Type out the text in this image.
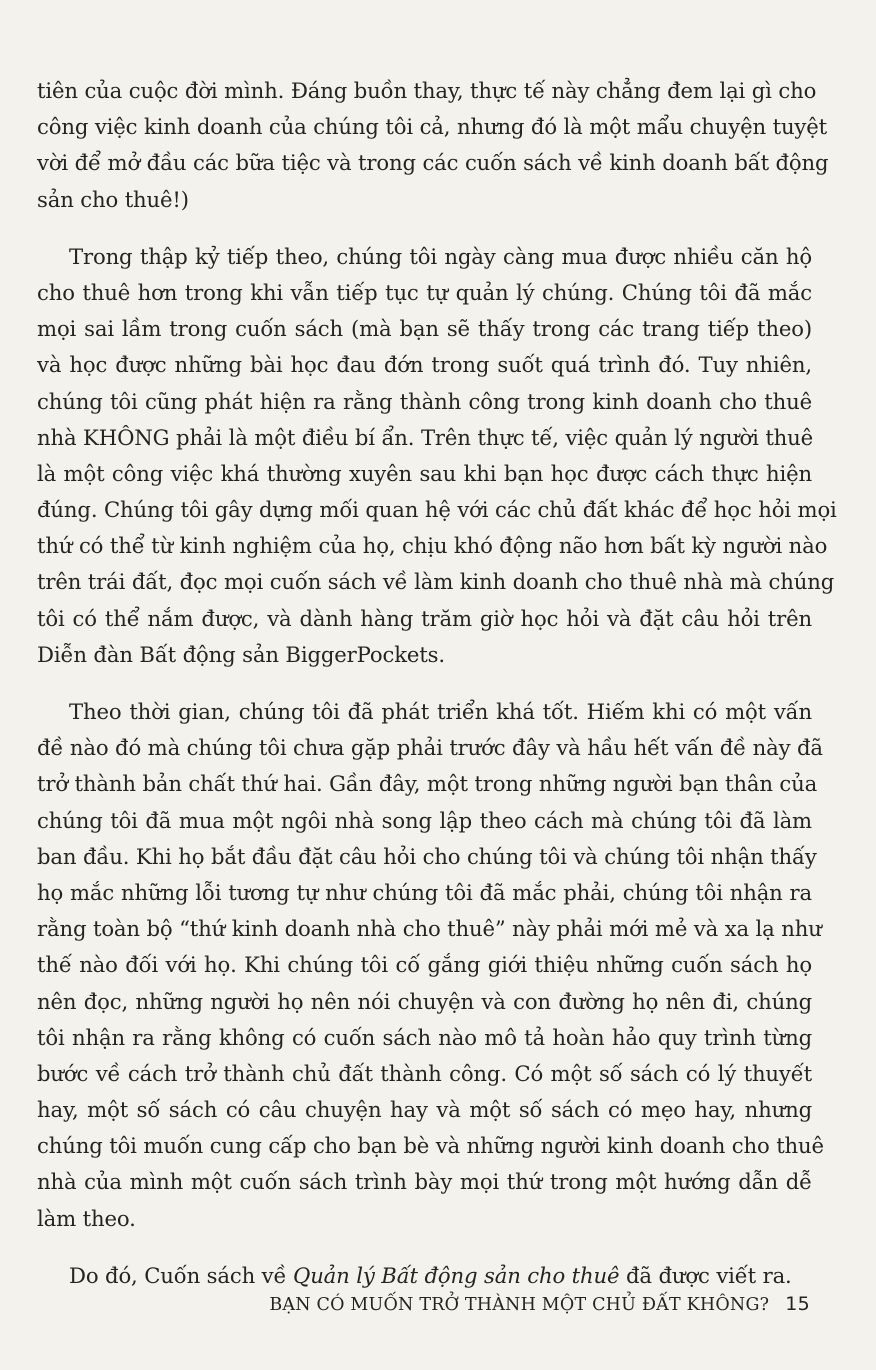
tiên của cuộc đời mình. Đáng buồn thay, thực tế này chẳng đem lại gì cho
công việc kinh doanh của chúng tôi cả, nhưng đó là một mẩu chuyện tuyệt
vời để mở đầu các bữa tiệc và trong các cuốn sách về kinh doanh bất động
sản cho thuê!)
Trong thập kỷ tiếp theo, chúng tôi ngày càng mua được nhiều căn hộ
cho thuê hơn trong khi vẫn tiếp tục tự quản lý chúng. Chúng tôi đã mắc
mọi sai lầm trong cuốn sách (mà bạn sẽ thấy trong các trang tiếp theo)
và học được những bài học đau đớn trong suốt quá trình đó. Tuy nhiên,
chúng tôi cũng phát hiện ra rằng thành công trong kinh doanh cho thuê
nhà KHÔNG phải là một điều bí ẩn. Trên thực tế, việc quản lý người thuê
là một công việc khá thường xuyên sau khi bạn học được cách thực hiện
đúng. Chúng tôi gây dựng mối quan hệ với các chủ đất khác để học hỏi mọi
thứ có thể từ kinh nghiệm của họ, chịu khó động não hơn bất kỳ người nào
trên trái đất, đọc mọi cuốn sách về làm kinh doanh cho thuê nhà mà chúng
tôi có thể nắm được, và dành hàng trăm giờ học hỏi và đặt câu hỏi trên
Diễn đàn Bất động sản BiggerPockets.
Theo thời gian, chúng tôi đã phát triển khá tốt. Hiếm khi có một vấn
đề nào đó mà chúng tôi chưa gặp phải trước đây và hầu hết vấn đề này đã
trở thành bản chất thứ hai. Gần đây, một trong những người bạn thân của
chúng tôi đã mua một ngôi nhà song lập theo cách mà chúng tôi đã làm
ban đầu. Khi họ bắt đầu đặt câu hỏi cho chúng tôi và chúng tôi nhận thấy
họ mắc những lỗi tương tự như chúng tôi đã mắc phải, chúng tôi nhận ra
rằng toàn bộ “thứ kinh doanh nhà cho thuê” này phải mới mẻ và xa lạ như
thế nào đối với họ. Khi chúng tôi cố gắng giới thiệu những cuốn sách họ
nên đọc, những người họ nên nói chuyện và con đường họ nên đi, chúng
tôi nhận ra rằng không có cuốn sách nào mô tả hoàn hảo quy trình từng
bước về cách trở thành chủ đất thành công. Có một số sách có lý thuyết
hay, một số sách có câu chuyện hay và một số sách có mẹo hay, nhưng
chúng tôi muốn cung cấp cho bạn bè và những người kinh doanh cho thuê
nhà của mình một cuốn sách trình bày mọi thứ trong một hướng dẫn dễ
làm theo.
Do đó, Cuốn sách về Quản lý Bất động sản cho thuê đã được viết ra.
BẠN CÓ MUỐN TRỞ THÀNH MỘT CHỦ ĐẤT KHÔNG? 15
